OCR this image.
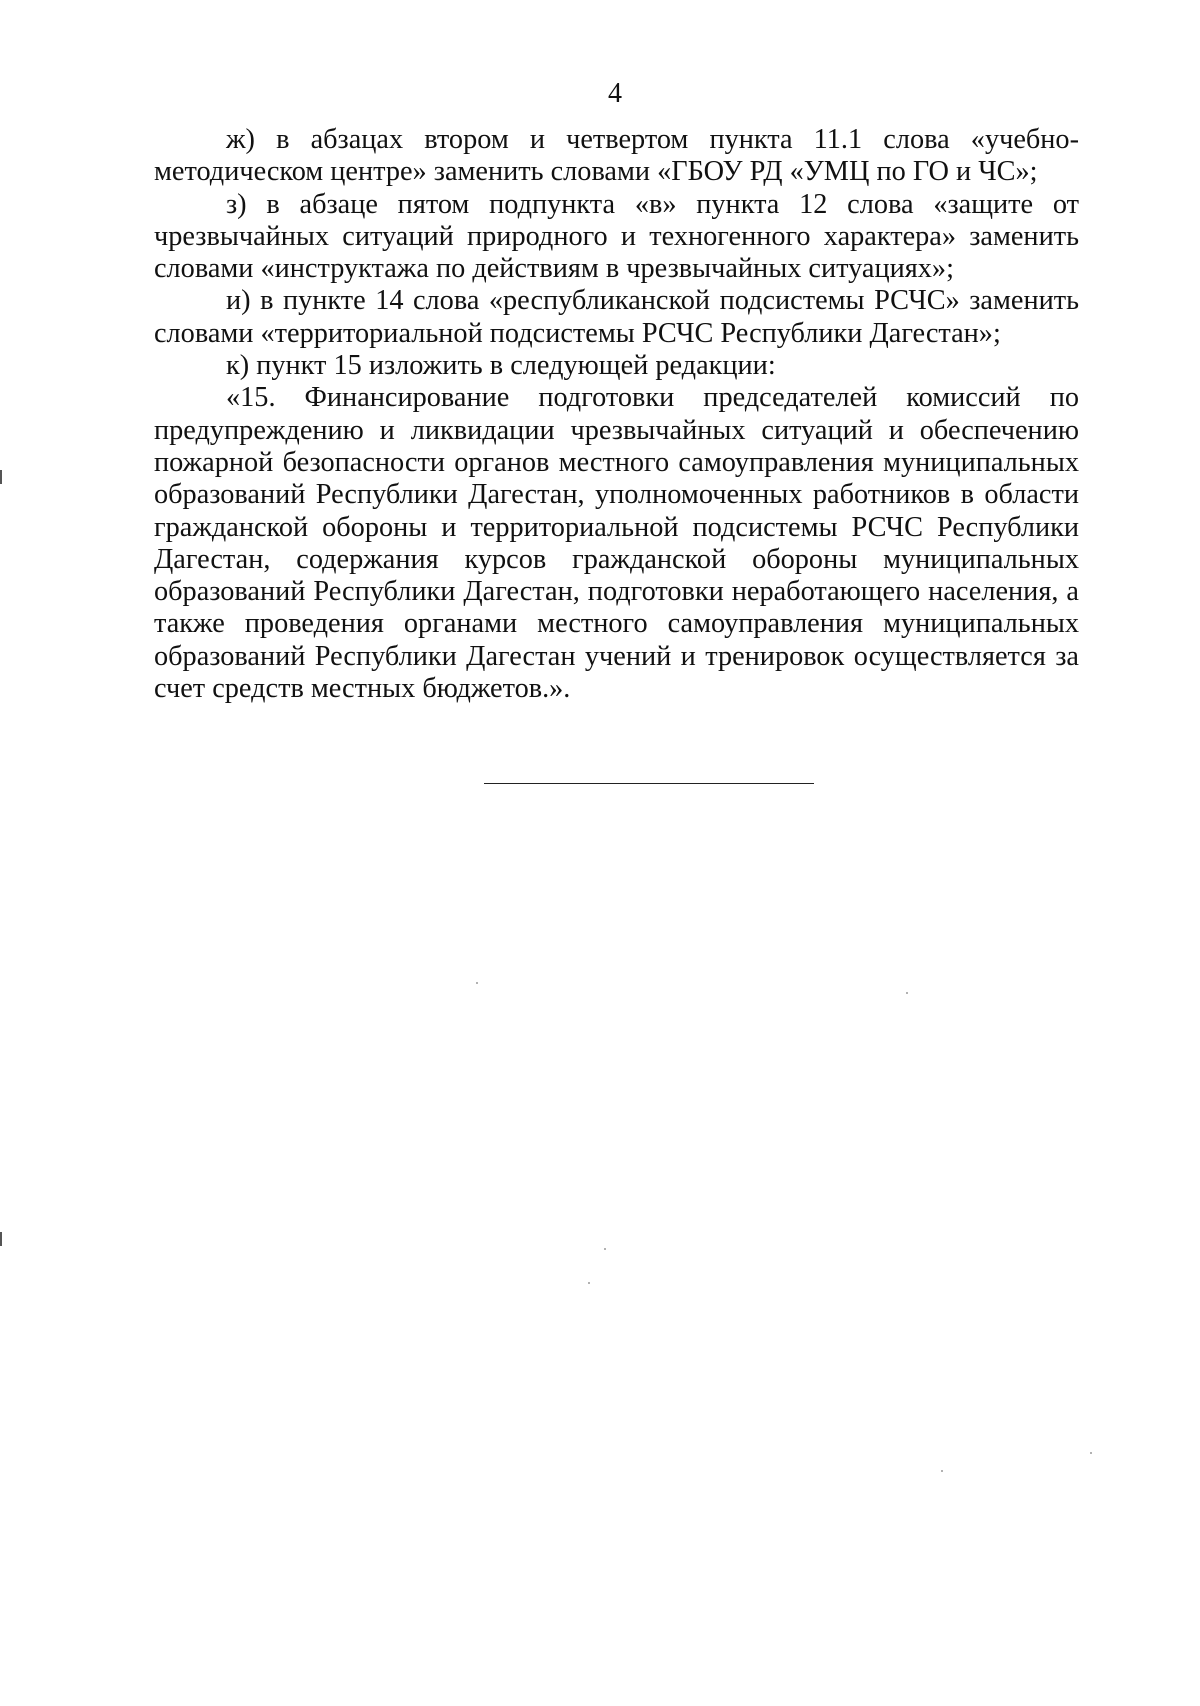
4

ж) в абзацах втором и четвертом пункта 11.1 слова «учебно-методическом центре» заменить словами «ГБОУ РД «УМЦ по ГО и ЧС»;

з) в абзаце пятом подпункта «в» пункта 12 слова «защите от чрезвычайных ситуаций природного и техногенного характера» заменить словами «инструктажа по действиям в чрезвычайных ситуациях»;

и) в пункте 14 слова «республиканской подсистемы РСЧС» заменить словами «территориальной подсистемы РСЧС Республики Дагестан»;

к) пункт 15 изложить в следующей редакции:

«15. Финансирование подготовки председателей комиссий по предупреждению и ликвидации чрезвычайных ситуаций и обеспечению пожарной безопасности органов местного самоуправления муниципальных образований Республики Дагестан, уполномоченных работников в области гражданской обороны и территориальной подсистемы РСЧС Республики Дагестан, содержания курсов гражданской обороны муниципальных образований Республики Дагестан, подготовки неработающего населения, а также проведения органами местного самоуправления муниципальных образований Республики Дагестан учений и тренировок осуществляется за счет средств местных бюджетов.».
